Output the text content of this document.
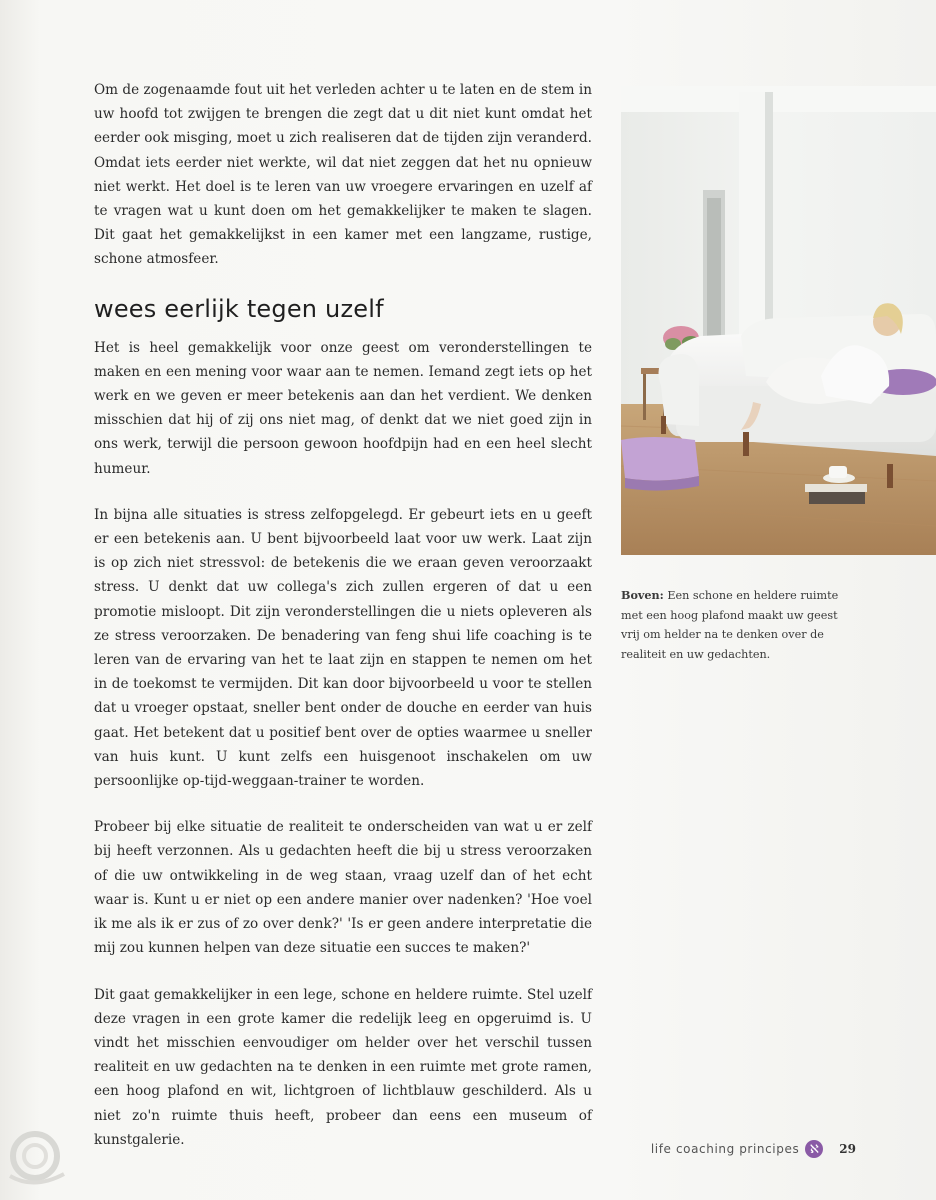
Om de zogenaamde fout uit het verleden achter u te laten en de stem in uw hoofd tot zwijgen te brengen die zegt dat u dit niet kunt omdat het eerder ook misging, moet u zich realiseren dat de tijden zijn veranderd. Omdat iets eerder niet werkte, wil dat niet zeggen dat het nu opnieuw niet werkt. Het doel is te leren van uw vroegere ervaringen en uzelf af te vragen wat u kunt doen om het gemakkelijker te maken te slagen. Dit gaat het gemakkelijkst in een kamer met een langzame, rustige, schone atmosfeer.

wees eerlijk tegen uzelf

Het is heel gemakkelijk voor onze geest om veronderstellingen te maken en een mening voor waar aan te nemen. Iemand zegt iets op het werk en we geven er meer betekenis aan dan het verdient. We denken misschien dat hij of zij ons niet mag, of denkt dat we niet goed zijn in ons werk, terwijl die persoon gewoon hoofdpijn had en een heel slecht humeur.

In bijna alle situaties is stress zelfopgelegd. Er gebeurt iets en u geeft er een betekenis aan. U bent bijvoorbeeld laat voor uw werk. Laat zijn is op zich niet stressvol: de betekenis die we eraan geven veroorzaakt stress. U denkt dat uw collega's zich zullen ergeren of dat u een promotie misloopt. Dit zijn veronderstellingen die u niets opleveren als ze stress veroorzaken. De benadering van feng shui life coaching is te leren van de ervaring van het te laat zijn en stappen te nemen om het in de toekomst te vermijden. Dit kan door bijvoorbeeld u voor te stellen dat u vroeger opstaat, sneller bent onder de douche en eerder van huis gaat. Het betekent dat u positief bent over de opties waarmee u sneller van huis kunt. U kunt zelfs een huisgenoot inschakelen om uw persoonlijke op-tijd-weggaan-trainer te worden.

Probeer bij elke situatie de realiteit te onderscheiden van wat u er zelf bij heeft verzonnen. Als u gedachten heeft die bij u stress veroorzaken of die uw ontwikkeling in de weg staan, vraag uzelf dan of het echt waar is. Kunt u er niet op een andere manier over nadenken? 'Hoe voel ik me als ik er zus of zo over denk?' 'Is er geen andere interpretatie die mij zou kunnen helpen van deze situatie een succes te maken?'

Dit gaat gemakkelijker in een lege, schone en heldere ruimte. Stel uzelf deze vragen in een grote kamer die redelijk leeg en opgeruimd is. U vindt het misschien eenvoudiger om helder over het verschil tussen realiteit en uw gedachten na te denken in een ruimte met grote ramen, een hoog plafond en wit, lichtgroen of lichtblauw geschilderd. Als u niet zo'n ruimte thuis heeft, probeer dan eens een museum of kunstgalerie.

Boven: Een schone en heldere ruimte met een hoog plafond maakt uw geest vrij om helder na te denken over de realiteit en uw gedachten.
life coaching principes ℵ	29
